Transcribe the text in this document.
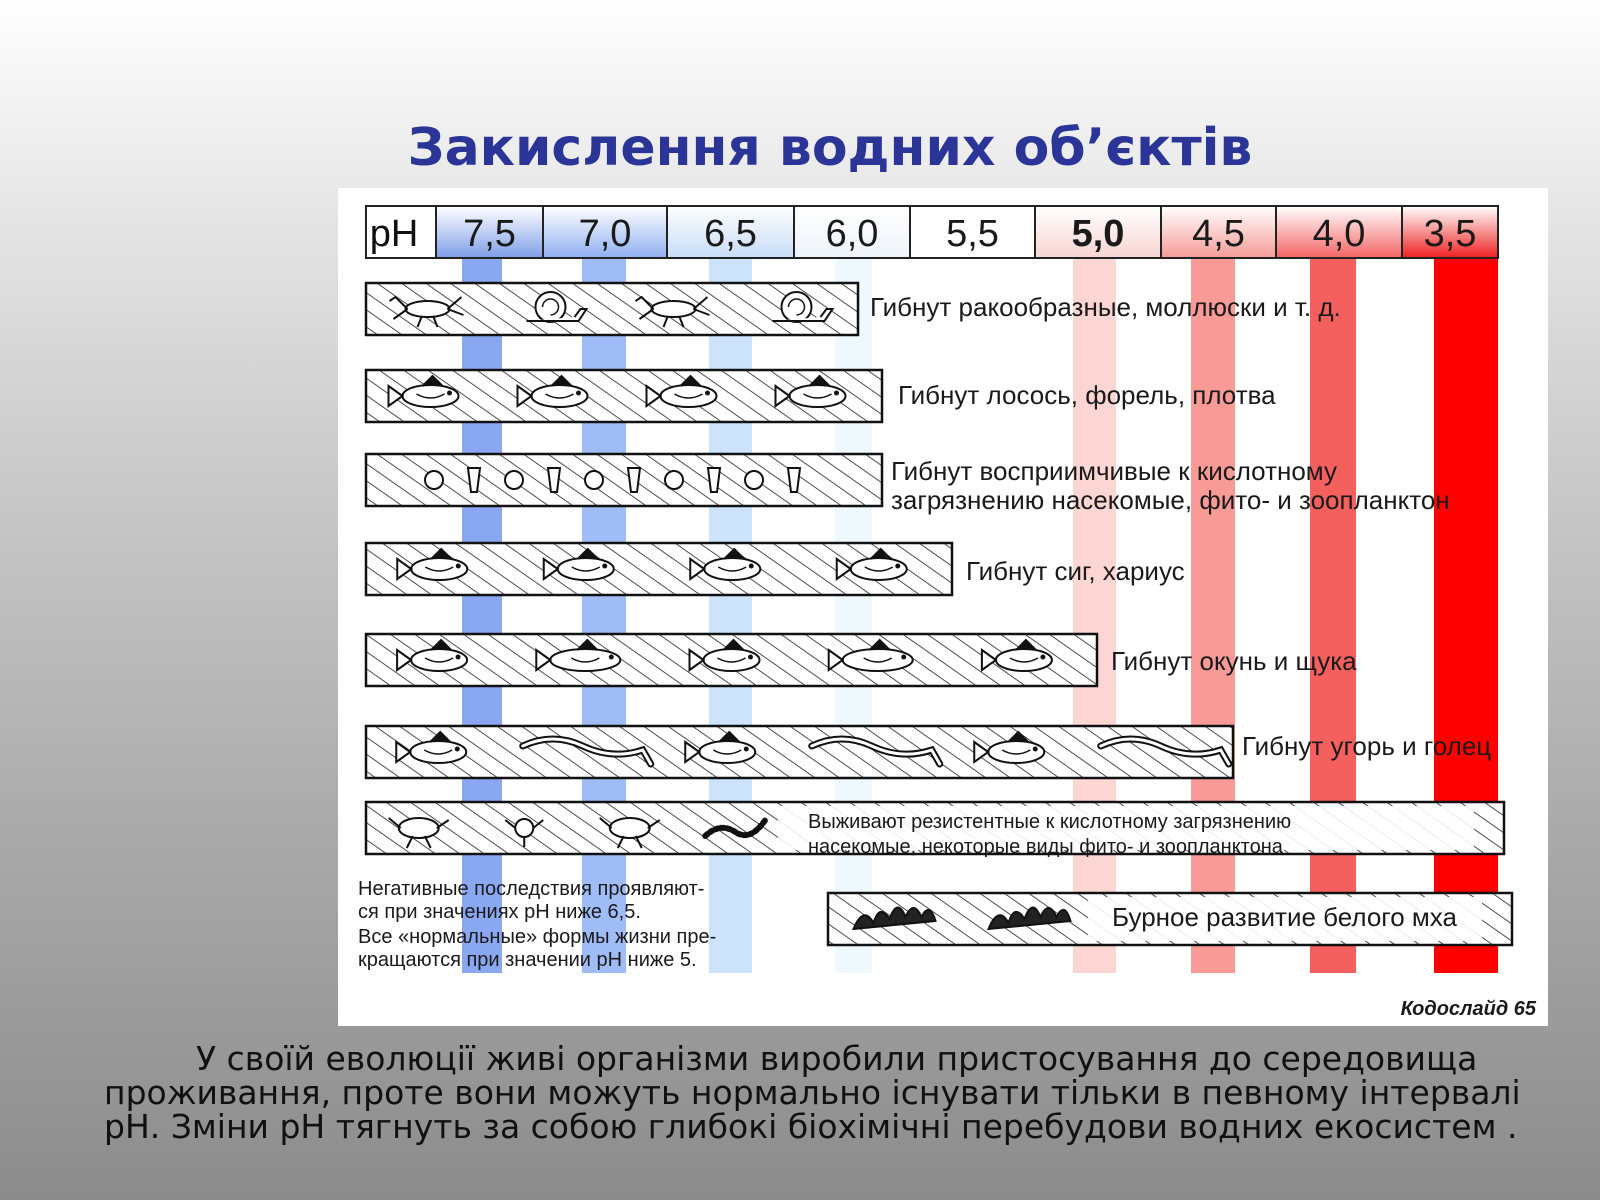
Закислення водних об’єктів
pH 7,5 7,0 6,5 6,0 5,5 5,0 4,5 4,0 3,5
Гибнут ракообразные, моллюски и т. д.
Гибнут лосось, форель, плотва
Гибнут восприимчивые к кислотному
загрязнению насекомые, фито- и зоопланктон
Гибнут сиг, хариус
Гибнут окунь и щука
Гибнут угорь и голец
Выживают резистентные к кислотному загрязнению
насекомые, некоторые виды фито- и зоопланктона
Бурное развитие белого мха
Негативные последствия проявляют-
ся при значениях рН ниже 6,5.
Все «нормальные» формы жизни пре-
кращаются при значении рН ниже 5.
Кодослайд 65
У своїй еволюції живі організми виробили пристосування до середовища проживання, проте вони можуть нормально існувати тільки в певному інтервалі рН. Зміни рН тягнуть за собою глибокі біохімічні перебудови водних екосистем .
